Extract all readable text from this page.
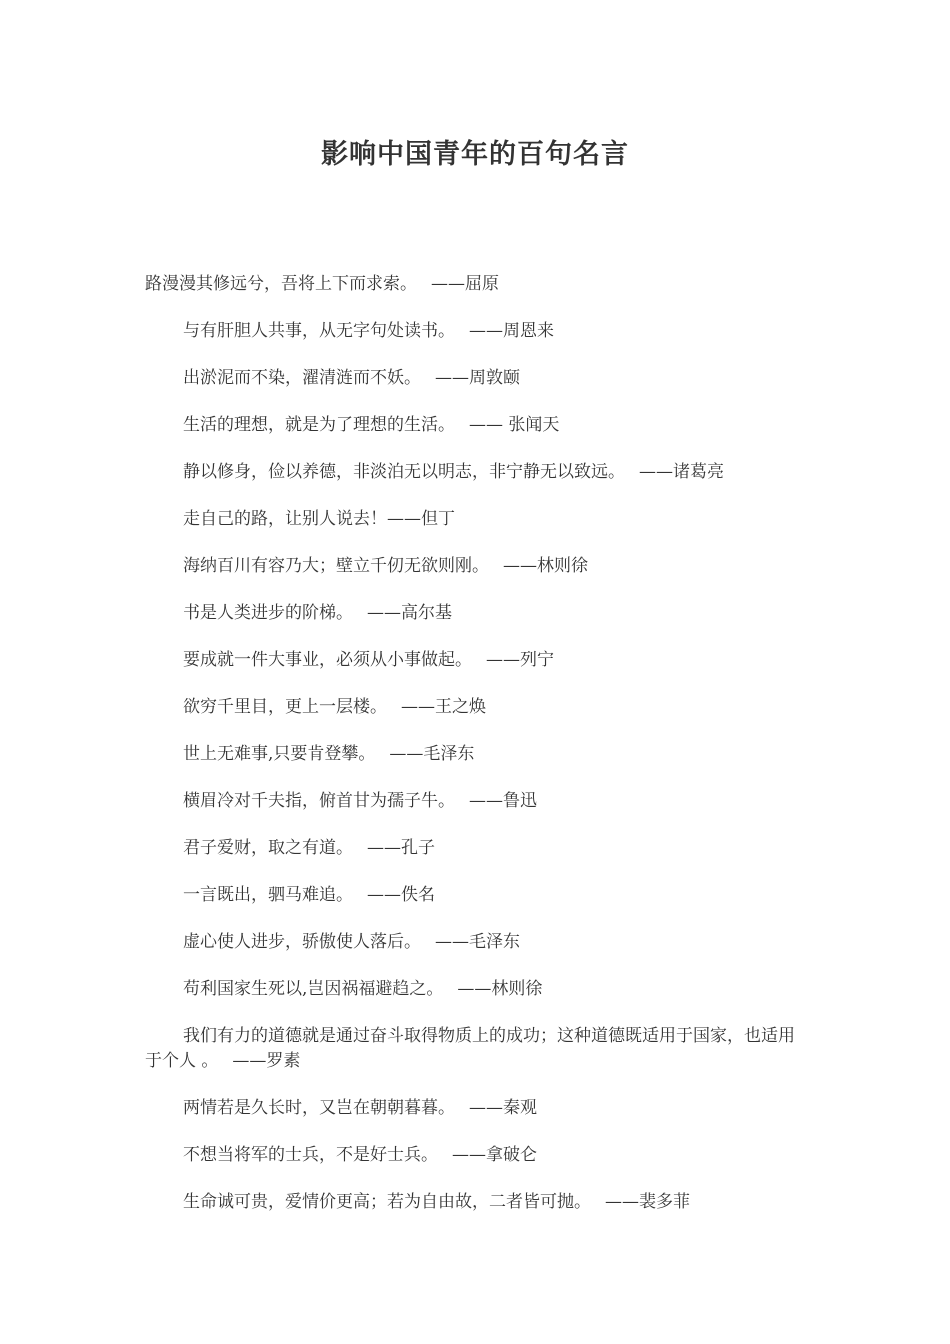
影响中国青年的百句名言
路漫漫其修远兮，吾将上下而求索。 ——屈原
与有肝胆人共事，从无字句处读书。 ——周恩来
出淤泥而不染，濯清涟而不妖。 ——周敦颐
生活的理想，就是为了理想的生活。 —— 张闻天
静以修身，俭以养德，非淡泊无以明志，非宁静无以致远。 ——诸葛亮
走自己的路，让别人说去！——但丁
海纳百川有容乃大；壁立千仞无欲则刚。 ——林则徐
书是人类进步的阶梯。 ——高尔基
要成就一件大事业，必须从小事做起。 ——列宁
欲穷千里目，更上一层楼。 ——王之焕
世上无难事,只要肯登攀。 ——毛泽东
横眉冷对千夫指，俯首甘为孺子牛。 ——鲁迅
君子爱财，取之有道。 ——孔子
一言既出，驷马难追。 ——佚名
虚心使人进步，骄傲使人落后。 ——毛泽东
苟利国家生死以,岂因祸福避趋之。 ——林则徐
我们有力的道德就是通过奋斗取得物质上的成功；这种道德既适用于国家，也适用于个人 。 ——罗素
两情若是久长时，又岂在朝朝暮暮。 ——秦观
不想当将军的士兵，不是好士兵。 ——拿破仑
生命诚可贵，爱情价更高；若为自由故，二者皆可抛。 ——裴多菲
